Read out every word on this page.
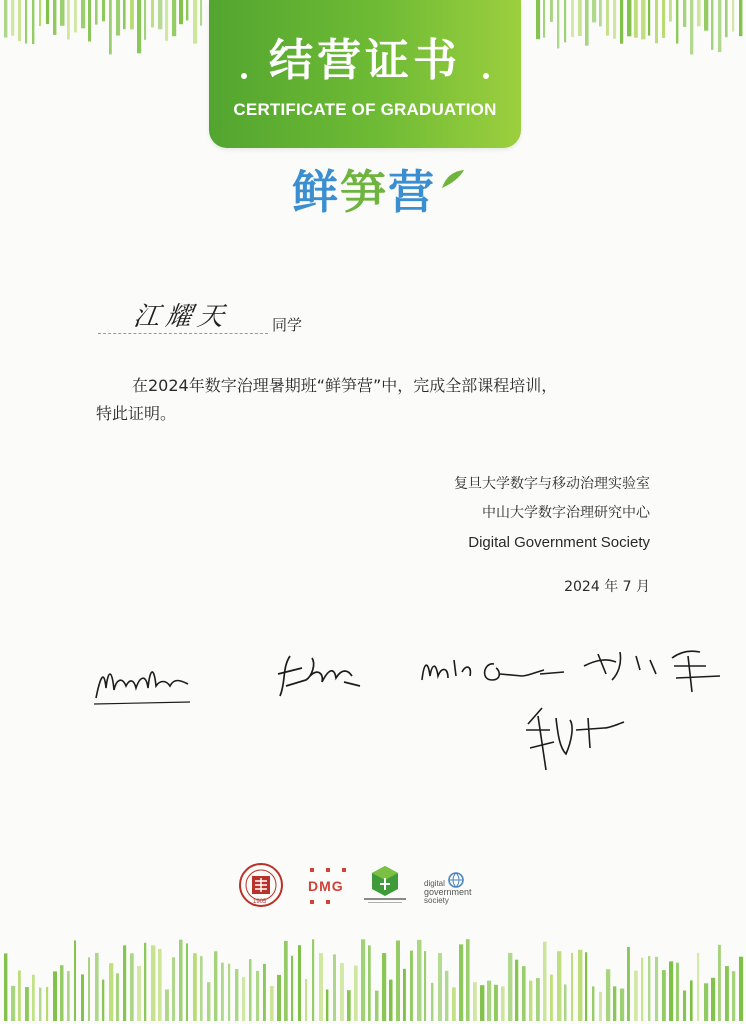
结营证书
CERTIFICATE OF GRADUATION
鲜笋营
江耀天	同学

在2024年数字治理暑期班“鲜笋营”中，完成全部课程培训，

特此证明。

复旦大学数字与移动治理实验室
中山大学数字治理研究中心
Digital Government Society
2024 年 7 月
1905
DMG	digital
government
society
